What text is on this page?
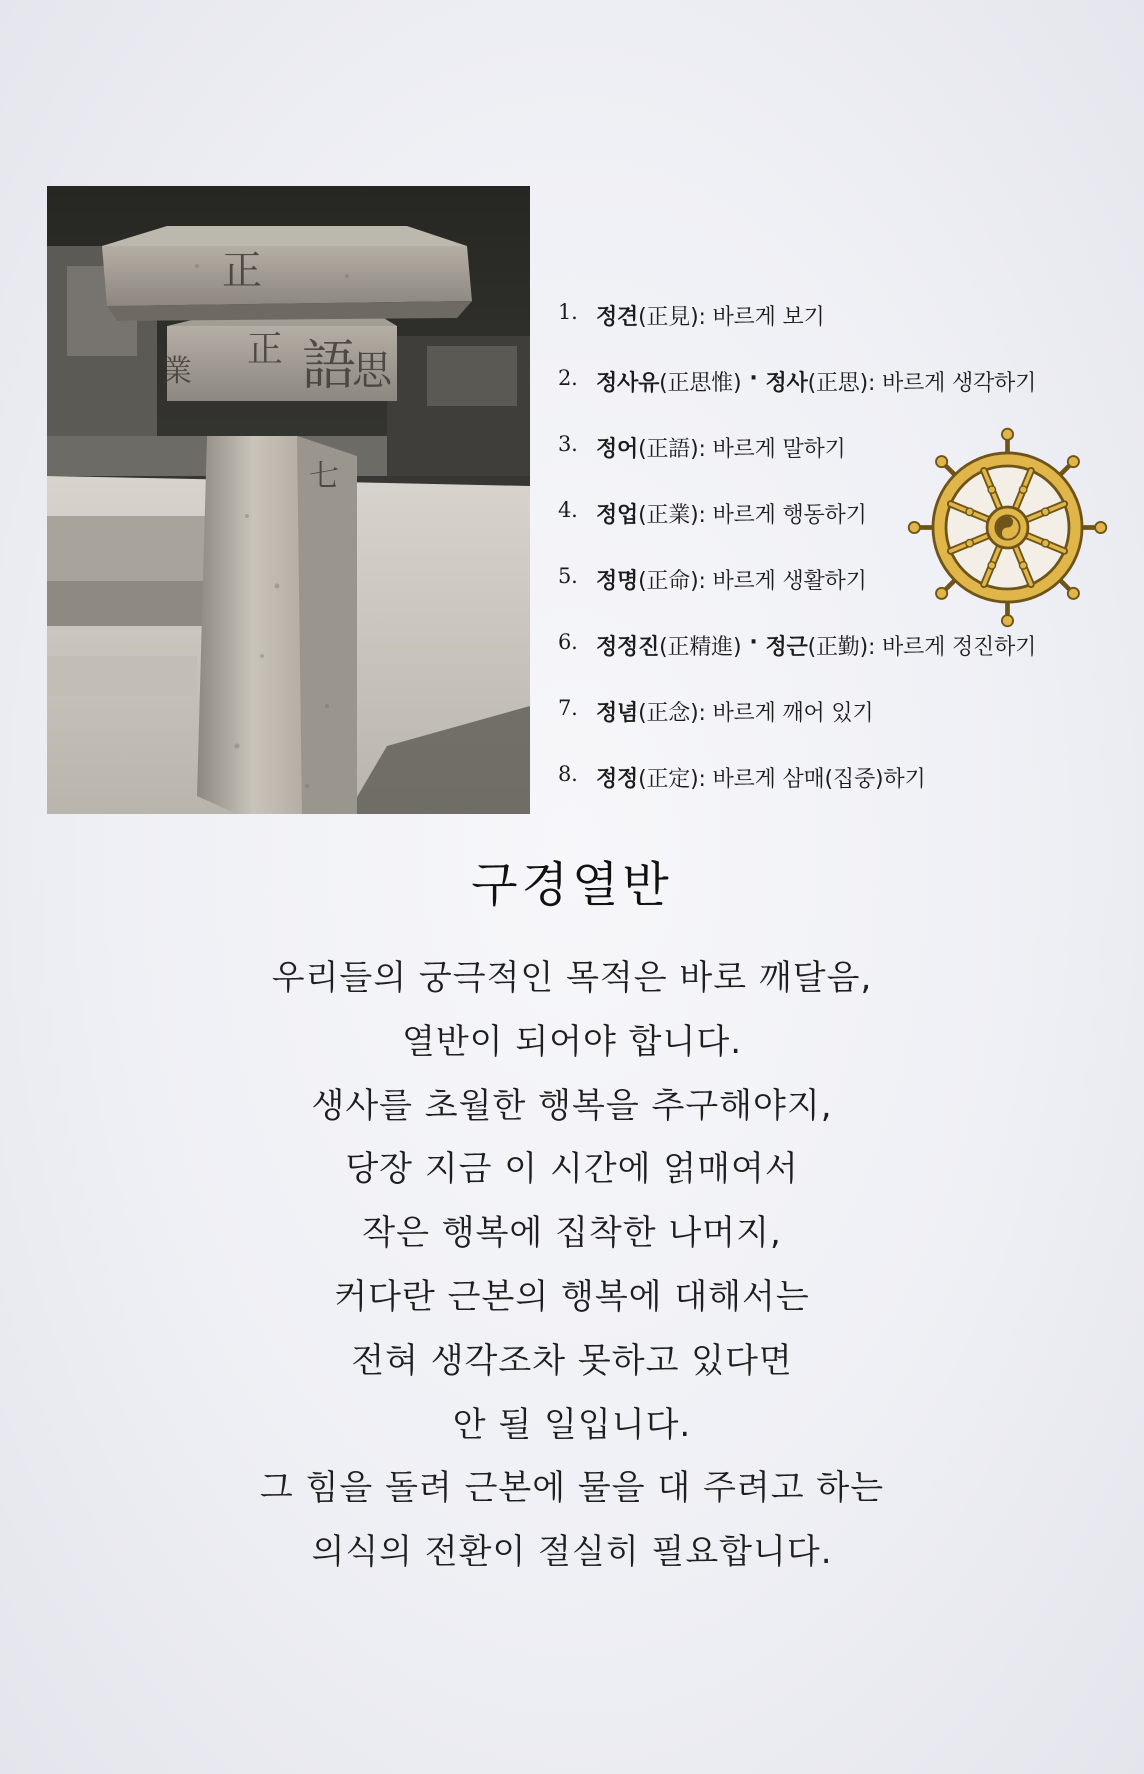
正
語
思
正
業
七
1. 정견 (正見) : 바르게 보기
2. 정사유 (正思惟) · 정사 (正思) : 바르게 생각하기
3. 정어 (正語) : 바르게 말하기
4. 정업 (正業) : 바르게 행동하기
5. 정명 (正命) : 바르게 생활하기
6. 정정진 (正精進) · 정근 (正勤) : 바르게 정진하기
7. 정념 (正念) : 바르게 깨어 있기
8. 정정 (正定) : 바르게 삼매(집중)하기
구경열반
우리들의 궁극적인 목적은 바로 깨달음,
열반이 되어야 합니다.
생사를 초월한 행복을 추구해야지,
당장 지금 이 시간에 얽매여서
작은 행복에 집착한 나머지,
커다란 근본의 행복에 대해서는
전혀 생각조차 못하고 있다면
안 될 일입니다.
그 힘을 돌려 근본에 물을 대 주려고 하는
의식의 전환이 절실히 필요합니다.
